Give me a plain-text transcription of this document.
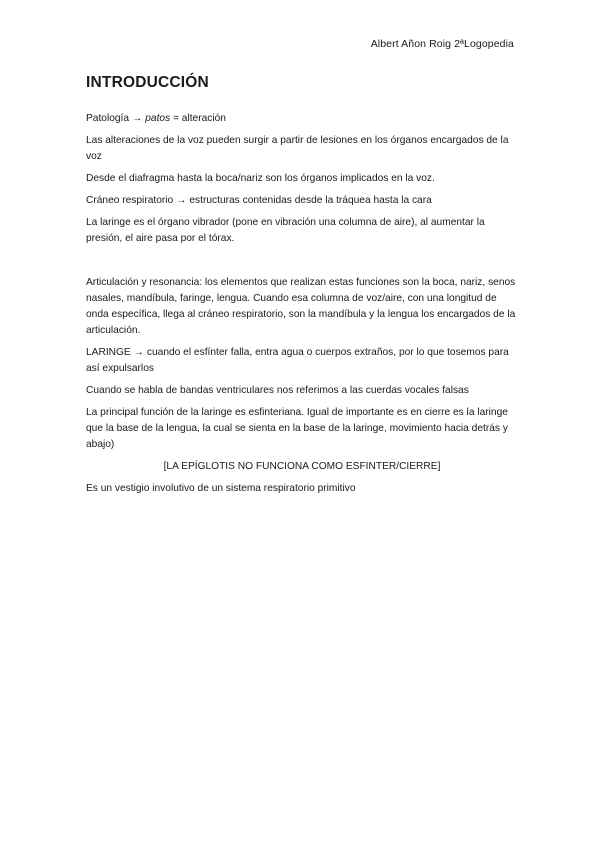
Albert Añon Roig 2ªLogopedia
INTRODUCCIÓN

Patología → patos = alteración

Las alteraciones de la voz pueden surgir a partir de lesiones en los órganos encargados de la voz

Desde el diafragma hasta la boca/nariz son los órganos implicados en la voz.

Cráneo respiratorio → estructuras contenidas desde la tráquea hasta la cara

La laringe es el órgano vibrador (pone en vibración una columna de aire), al aumentar la presión, el aire pasa por el tórax.

Articulación y resonancia: los elementos que realizan estas funciones son la boca, nariz, senos nasales, mandíbula, faringe, lengua. Cuando esa columna de voz/aire, con una longitud de onda específica, llega al cráneo respiratorio, son la mandíbula y la lengua los encargados de la articulación.

LARINGE → cuando el esfínter falla, entra agua o cuerpos extraños, por lo que tosemos para así expulsarlos

Cuando se habla de bandas ventriculares nos referimos a las cuerdas vocales falsas

La principal función de la laringe es esfinteriana. Igual de importante es en cierre es la laringe que la base de la lengua, la cual se sienta en la base de la laringe, movimiento hacia detrás y abajo)

[LA EPÍGLOTIS NO FUNCIONA COMO ESFINTER/CIERRE]

Es un vestigio involutivo de un sistema respiratorio primitivo
